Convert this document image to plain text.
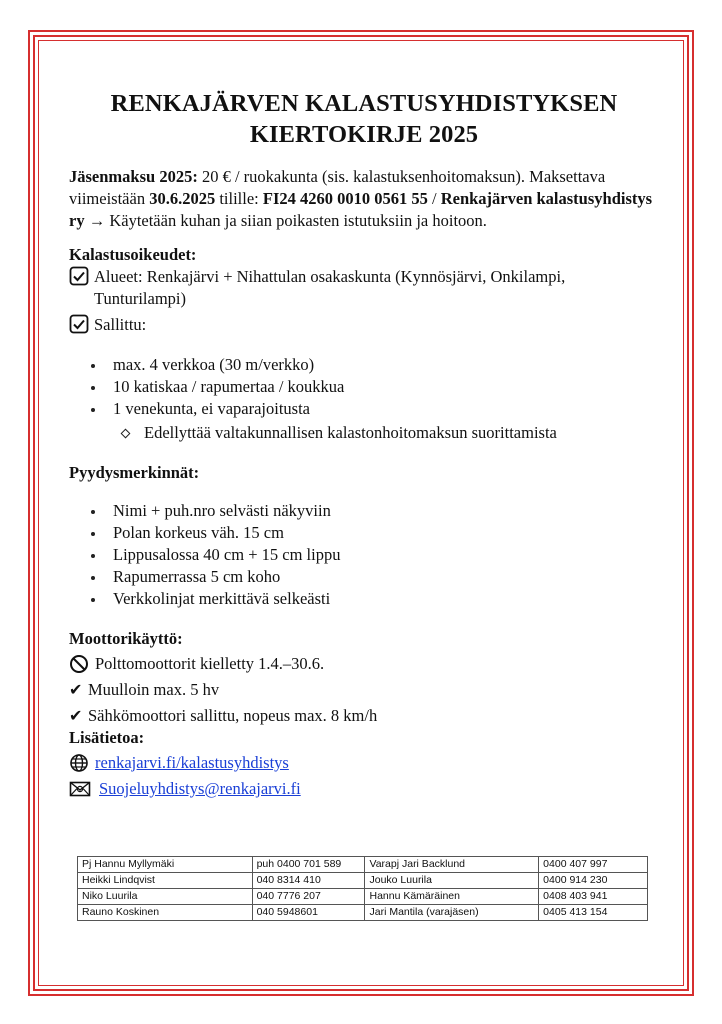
RENKAJÄRVEN KALASTUSYHDISTYKSEN
KIERTOKIRJE 2025

Jäsenmaksu 2025: 20 € / ruokakunta (sis. kalastuksenhoitomaksun). Maksettava viimeistään 30.6.2025 tilille: FI24 4260 0010 0561 55 / Renkajärven kalastusyhdistys ry → Käytetään kuhan ja siian poikasten istutuksiin ja hoitoon.

Kalastusoikeudet:

Alueet: Renkajärvi + Nihattulan osakaskunta (Kynnösjärvi, Onkilampi, Tunturilampi)
Sallittu:
max. 4 verkkoa (30 m/verkko)
10 katiskaa / rapumertaa / koukkua
1 venekunta, ei vaparajoitusta
Edellyttää valtakunnallisen kalastonhoitomaksun suorittamista

Pyydysmerkinnät:

Nimi + puh.nro selvästi näkyviin
Polan korkeus väh. 15 cm
Lippusalossa 40 cm + 15 cm lippu
Rapumerrassa 5 cm koho
Verkkolinjat merkittävä selkeästi

Moottorikäyttö:

Polttomoottorit kielletty 1.4.–30.6.
✔ Muulloin max. 5 hv
✔ Sähkömoottori sallittu, nopeus max. 8 km/h

Lisätietoa:

renkajarvi.fi/kalastusyhdistys
Suojeluyhdistys@renkajarvi.fi
Pj Hannu Myllymäki	puh 0400 701 589	Varapj Jari Backlund	0400 407 997
Heikki Lindqvist	040 8314 410	Jouko Luurila	0400 914 230
Niko Luurila	040 7776 207	Hannu Kämäräinen	0408 403 941
Rauno Koskinen	040 5948601	Jari Mantila (varajäsen)	0405 413 154
